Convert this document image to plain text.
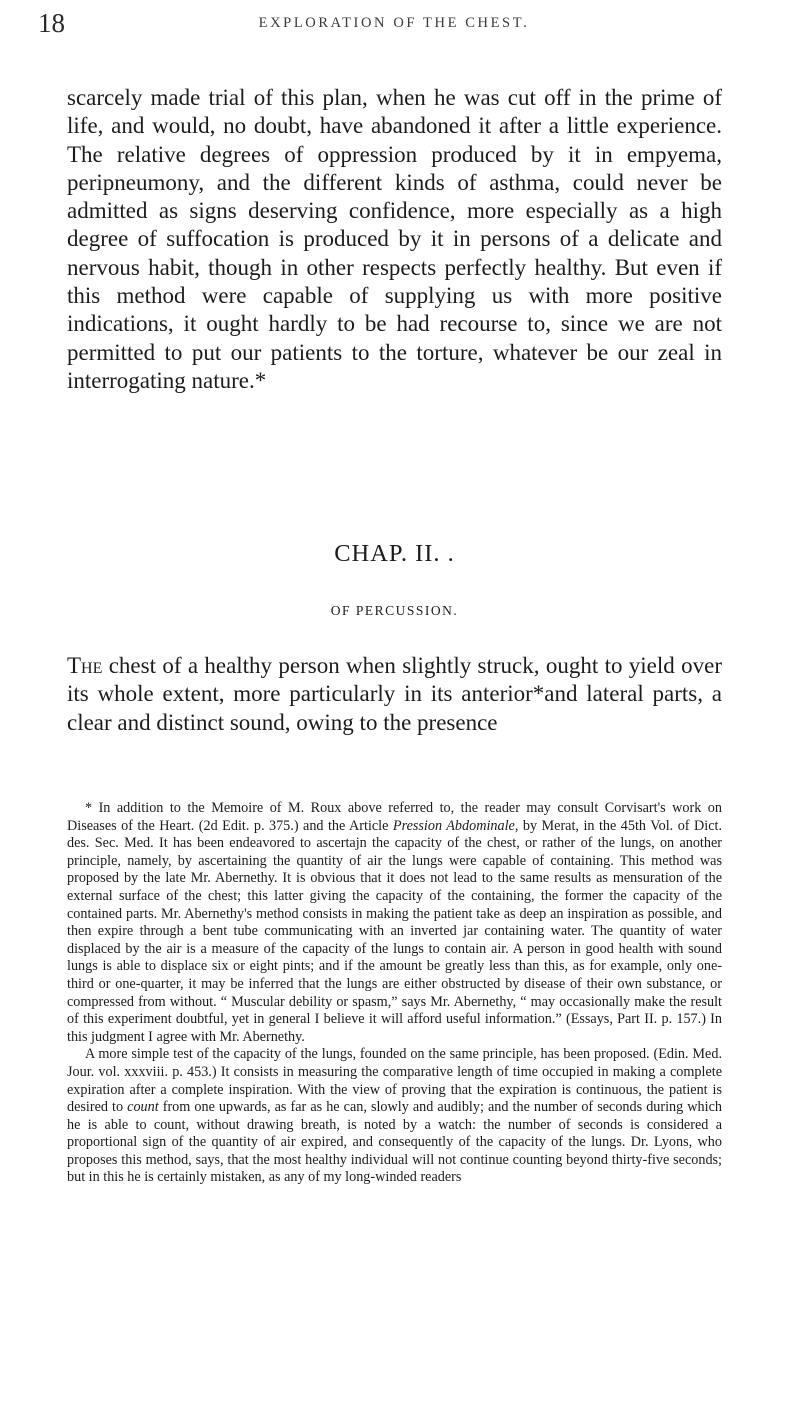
18	EXPLORATION OF THE CHEST.
scarcely made trial of this plan, when he was cut off in the prime of life, and would, no doubt, have abandoned it after a little experience. The relative degrees of oppression produced by it in empyema, peripneumony, and the different kinds of asthma, could never be admitted as signs deserving confidence, more especially as a high degree of suffocation is produced by it in persons of a delicate and nervous habit, though in other respects perfectly healthy. But even if this method were capable of supplying us with more positive indications, it ought hardly to be had recourse to, since we are not permitted to put our patients to the torture, whatever be our zeal in interrogating nature.*
CHAP. II. .
OF PERCUSSION.
The chest of a healthy person when slightly struck, ought to yield over its whole extent, more particularly in its anterior*and lateral parts, a clear and distinct sound, owing to the presence

* In addition to the Memoire of M. Roux above referred to, the reader may consult Corvisart's work on Diseases of the Heart. (2d Edit. p. 375.) and the Article Pression Abdominale, by Merat, in the 45th Vol. of Dict. des. Sec. Med. It has been endeavored to ascertajn the capacity of the chest, or rather of the lungs, on another principle, namely, by ascertaining the quantity of air the lungs were capable of containing. This method was proposed by the late Mr. Abernethy. It is obvious that it does not lead to the same results as mensuration of the external surface of the chest; this latter giving the capacity of the containing, the former the capacity of the contained parts. Mr. Abernethy's method consists in making the patient take as deep an inspiration as possible, and then expire through a bent tube communicating with an inverted jar containing water. The quantity of water displaced by the air is a measure of the capacity of the lungs to contain air. A person in good health with sound lungs is able to displace six or eight pints; and if the amount be greatly less than this, as for example, only one-third or one-quarter, it may be inferred that the lungs are either obstructed by disease of their own substance, or compressed from without. “ Muscular debility or spasm,” says Mr. Abernethy, “ may occasionally make the result of this experiment doubtful, yet in general I believe it will afford useful information.” (Essays, Part II. p. 157.) In this judgment I agree with Mr. Abernethy.

A more simple test of the capacity of the lungs, founded on the same principle, has been proposed. (Edin. Med. Jour. vol. xxxviii. p. 453.) It consists in measuring the comparative length of time occupied in making a complete expiration after a complete inspiration. With the view of proving that the expiration is continuous, the patient is desired to count from one upwards, as far as he can, slowly and audibly; and the number of seconds during which he is able to count, without drawing breath, is noted by a watch: the number of seconds is considered a proportional sign of the quantity of air expired, and consequently of the capacity of the lungs. Dr. Lyons, who proposes this method, says, that the most healthy individual will not continue counting beyond thirty-five seconds; but in this he is certainly mistaken, as any of my long-winded readers
